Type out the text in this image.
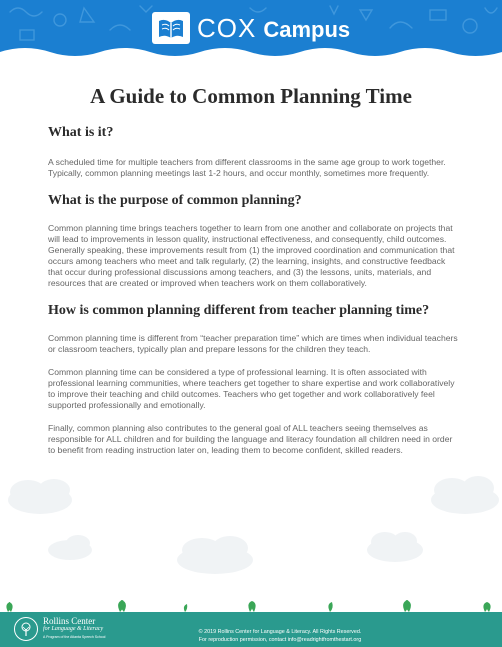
COX Campus
A Guide to Common Planning Time
What is it?

A scheduled time for multiple teachers from different classrooms in the same age group to work together. Typically, common planning meetings last 1-2 hours, and occur monthly, sometimes more frequently.

What is the purpose of common planning?

Common planning time brings teachers together to learn from one another and collaborate on projects that will lead to improvements in lesson quality, instructional effectiveness, and consequently, child outcomes. Generally speaking, these improvements result from (1) the improved coordination and communication that occurs among teachers who meet and talk regularly, (2) the learning, insights, and constructive feedback that occur during professional discussions among teachers, and (3) the lessons, units, materials, and resources that are created or improved when teachers work on them collaboratively.

How is common planning different from teacher planning time?

Common planning time is different from “teacher preparation time” which are times when individual teachers or classroom teachers, typically plan and prepare lessons for the children they teach.

Common planning time can be considered a type of professional learning. It is often associated with professional learning communities, where teachers get together to share expertise and work collaboratively to improve their teaching and child outcomes. Teachers who get together and work collaboratively feel supported professionally and emotionally.

Finally, common planning also contributes to the general goal of ALL teachers seeing themselves as responsible for ALL children and for building the language and literacy foundation all children need in order to benefit from reading instruction later on, leading them to become confident, skilled readers.

Rollins Center
for Language & Literacy
A Program of the Atlanta Speech School
© 2019 Rollins Center for Language & Literacy. All Rights Reserved.
For reproduction permission, contact info@readrightfromthestart.org
